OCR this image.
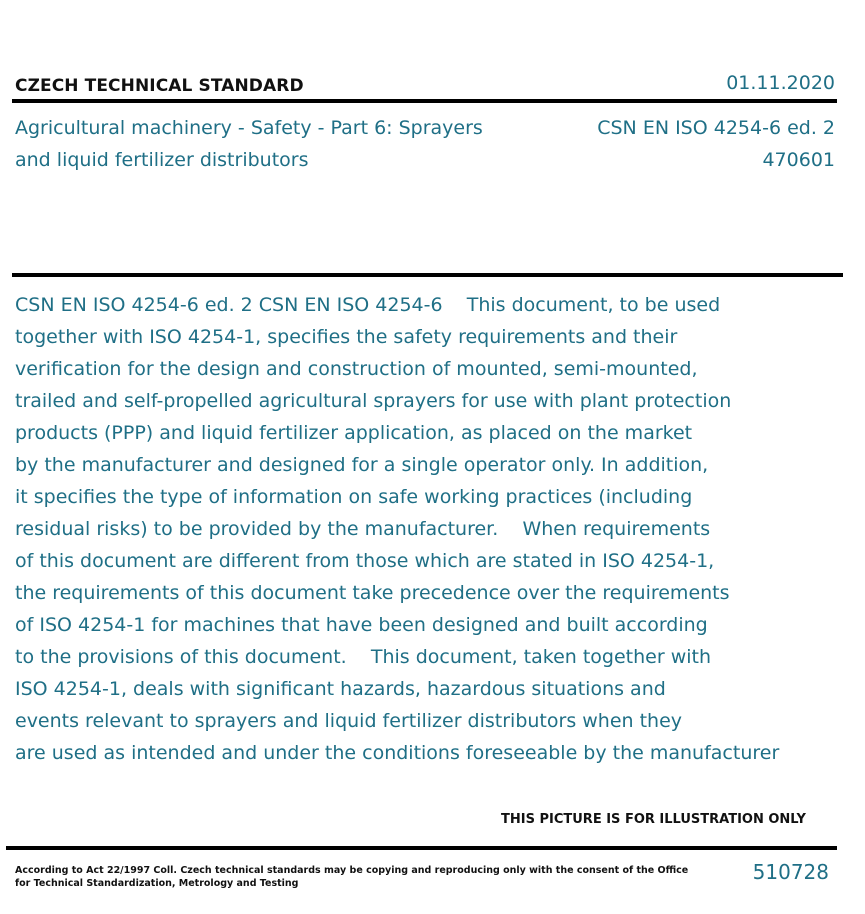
CZECH TECHNICAL STANDARD	01.11.2020
Agricultural machinery - Safety - Part 6: Sprayers
and liquid fertilizer distributors
CSN EN ISO 4254-6 ed. 2
470601
CSN EN ISO 4254-6 ed. 2 CSN EN ISO 4254-6    This document, to be used
together with ISO 4254-1, specifies the safety requirements and their
verification for the design and construction of mounted, semi-mounted,
trailed and self-propelled agricultural sprayers for use with plant protection
products (PPP) and liquid fertilizer application, as placed on the market
by the manufacturer and designed for a single operator only. In addition,
it specifies the type of information on safe working practices (including
residual risks) to be provided by the manufacturer.    When requirements
of this document are different from those which are stated in ISO 4254-1,
the requirements of this document take precedence over the requirements
of ISO 4254-1 for machines that have been designed and built according
to the provisions of this document.    This document, taken together with
ISO 4254-1, deals with significant hazards, hazardous situations and
events relevant to sprayers and liquid fertilizer distributors when they
are used as intended and under the conditions foreseeable by the manufacturer
THIS PICTURE IS FOR ILLUSTRATION ONLY
According to Act 22/1997 Coll. Czech technical standards may be copying and reproducing only with the consent of the Office
for Technical Standardization, Metrology and Testing	510728
